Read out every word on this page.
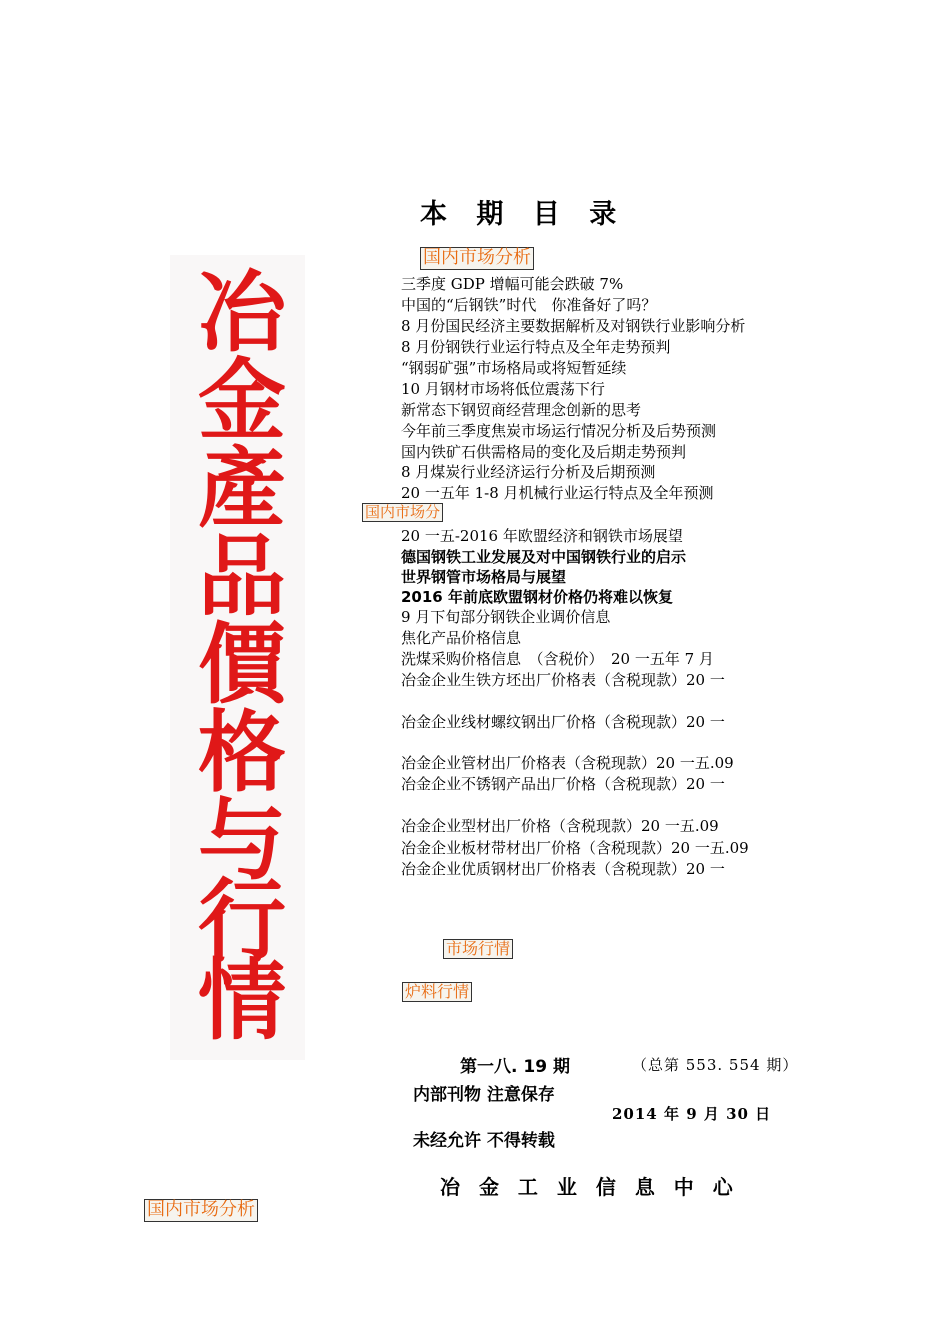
冶
金
產
品
價
格
与
行
情
本 期 目 录
国内市场分析
三季度 GDP 增幅可能会跌破 7%
中国的“后钢铁”时代　你准备好了吗？
8 月份国民经济主要数据解析及对钢铁行业影响分析
8 月份钢铁行业运行特点及全年走势预判
“钢弱矿强”市场格局或将短暂延续
10 月钢材市场将低位震荡下行
新常态下钢贸商经营理念创新的思考
今年前三季度焦炭市场运行情况分析及后势预测
国内铁矿石供需格局的变化及后期走势预判
8 月煤炭行业经济运行分析及后期预测
20 一五年 1-8 月机械行业运行特点及全年预测
国内市场分
20 一五-2016 年欧盟经济和钢铁市场展望
德国钢铁工业发展及对中国钢铁行业的启示
世界钢管市场格局与展望
2016 年前底欧盟钢材价格仍将难以恢复
9 月下旬部分钢铁企业调价信息
焦化产品价格信息
洗煤采购价格信息　（含税价）　20 一五年 7 月
冶金企业生铁方坯出厂价格表（含税现款）20 一
冶金企业线材螺纹钢出厂价格（含税现款）20 一
冶金企业管材出厂价格表（含税现款）20 一五.09
冶金企业不锈钢产品出厂价格（含税现款）20 一
冶金企业型材出厂价格（含税现款）20 一五.09
冶金企业板材带材出厂价格（含税现款）20 一五.09
冶金企业优质钢材出厂价格表（含税现款）20 一
市场行情
炉料行情
第一八. 19 期	（总第 553. 554 期）
内部刊物 注意保存
2014 年 9 月 30 日
未经允许 不得转载
冶 金 工 业 信 息 中 心
国内市场分析
